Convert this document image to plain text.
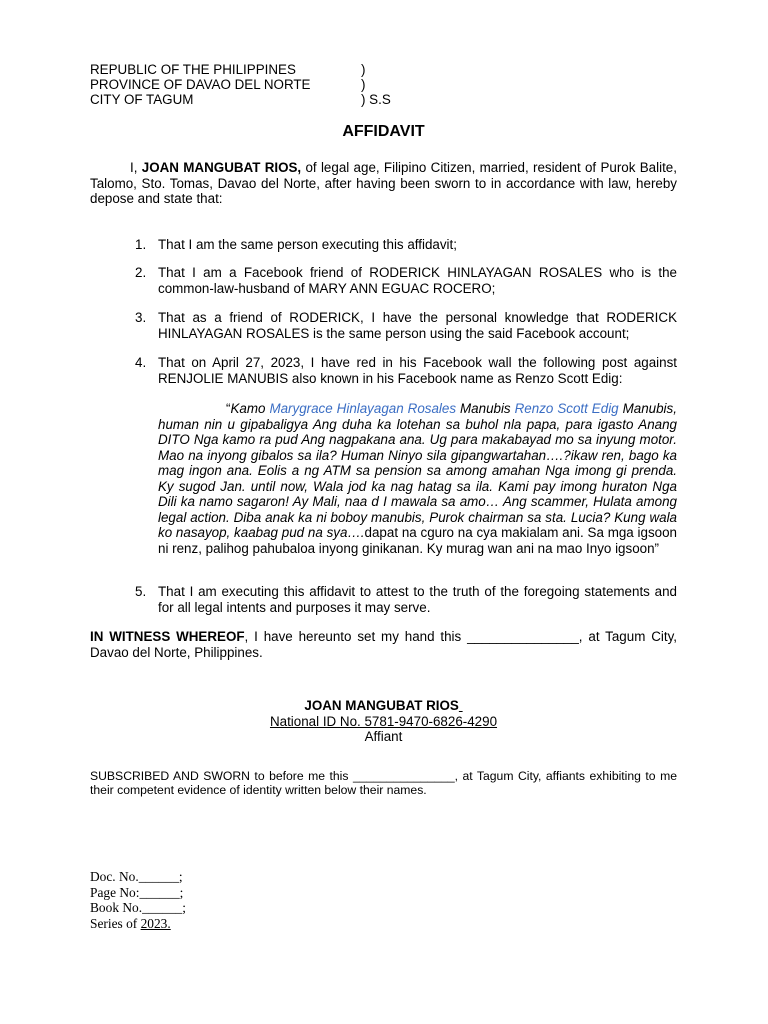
REPUBLIC OF THE PHILIPPINES	)
PROVINCE OF DAVAO DEL NORTE	)
CITY OF TAGUM	) S.S
AFFIDAVIT

I, JOAN MANGUBAT RIOS, of legal age, Filipino Citizen, married, resident of Purok Balite, Talomo, Sto. Tomas, Davao del Norte, after having been sworn to in accordance with law, hereby depose and state that:

1. That I am the same person executing this affidavit;
2. That I am a Facebook friend of RODERICK HINLAYAGAN ROSALES who is the common-law-husband of MARY ANN EGUAC ROCERO;
3. That as a friend of RODERICK, I have the personal knowledge that RODERICK HINLAYAGAN ROSALES is the same person using the said Facebook account;
4. That on April 27, 2023, I have red in his Facebook wall the following post against RENJOLIE MANUBIS also known in his Facebook name as Renzo Scott Edig:

“Kamo Marygrace Hinlayagan Rosales Manubis Renzo Scott Edig Manubis, human nin u gipabaligya Ang duha ka lotehan sa buhol nla papa, para igasto Anang DITO Nga kamo ra pud Ang nagpakana ana. Ug para makabayad mo sa inyung motor. Mao na inyong gibalos sa ila? Human Ninyo sila gipangwartahan….?ikaw ren, bago ka mag ingon ana. Eolis a ng ATM sa pension sa among amahan Nga imong gi prenda. Ky sugod Jan. until now, Wala jod ka nag hatag sa ila. Kami pay imong huraton Nga Dili ka namo sagaron! Ay Mali, naa d I mawala sa amo… Ang scammer, Hulata among legal action. Diba anak ka ni boboy manubis, Purok chairman sa sta. Lucia? Kung wala ko nasayop, kaabag pud na sya….dapat na cguro na cya makialam ani. Sa mga igsoon ni renz, palihog pahubaloa inyong ginikanan. Ky murag wan ani na mao Inyo igsoon”

5. That I am executing this affidavit to attest to the truth of the foregoing statements and for all legal intents and purposes it may serve.

IN WITNESS WHEREOF, I have hereunto set my hand this _______________, at Tagum City, Davao del Norte, Philippines.

JOAN MANGUBAT RIOS
National ID No. 5781-9470-6826-4290
Affiant

SUBSCRIBED AND SWORN to before me this _______________, at Tagum City, affiants exhibiting to me their competent evidence of identity written below their names.

Doc. No.______;
Page No:______;
Book No.______;
Series of 2023.
